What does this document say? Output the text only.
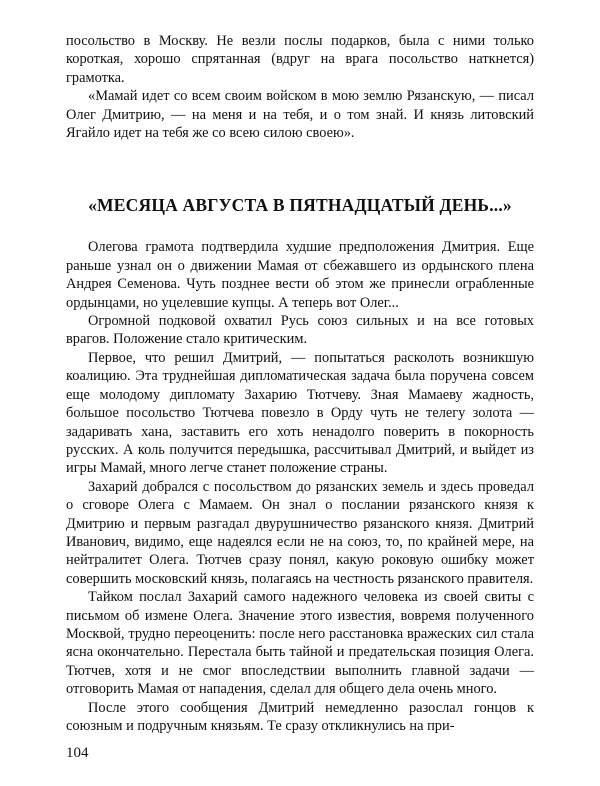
посольство в Москву. Не везли послы подарков, была с ними только короткая, хорошо спрятанная (вдруг на врага посольство наткнется) грамотка.

«Мамай идет со всем своим войском в мою землю Рязанскую, — писал Олег Дмитрию, — на меня и на тебя, и о том знай. И князь литовский Ягайло идет на тебя же со всею силою своею».

«МЕСЯЦА АВГУСТА В ПЯТНАДЦАТЫЙ ДЕНЬ...»

Олегова грамота подтвердила худшие предположения Дмитрия. Еще раньше узнал он о движении Мамая от сбежавшего из ордынского плена Андрея Семенова. Чуть позднее вести об этом же принесли ограбленные ордынцами, но уцелевшие купцы. А теперь вот Олег...

Огромной подковой охватил Русь союз сильных и на все готовых врагов. Положение стало критическим.

Первое, что решил Дмитрий, — попытаться расколоть возникшую коалицию. Эта труднейшая дипломатическая задача была поручена совсем еще молодому дипломату Захарию Тютчеву. Зная Мамаеву жадность, большое посольство Тютчева повезло в Орду чуть не телегу золота — задаривать хана, заставить его хоть ненадолго поверить в покорность русских. А коль получится передышка, рассчитывал Дмитрий, и выйдет из игры Мамай, много легче станет положение страны.

Захарий добрался с посольством до рязанских земель и здесь проведал о сговоре Олега с Мамаем. Он знал о послании рязанского князя к Дмитрию и первым разгадал двурушничество рязанского князя. Дмитрий Иванович, видимо, еще надеялся если не на союз, то, по крайней мере, на нейтралитет Олега. Тютчев сразу понял, какую роковую ошибку может совершить московский князь, полагаясь на честность рязанского правителя.

Тайком послал Захарий самого надежного человека из своей свиты с письмом об измене Олега. Значение этого известия, вовремя полученного Москвой, трудно переоценить: после него расстановка вражеских сил стала ясна окончательно. Перестала быть тайной и предательская позиция Олега. Тютчев, хотя и не смог впоследствии выполнить главной задачи — отговорить Мамая от нападения, сделал для общего дела очень много.

После этого сообщения Дмитрий немедленно разослал гонцов к союзным и подручным князьям. Те сразу откликнулись на при-

104
